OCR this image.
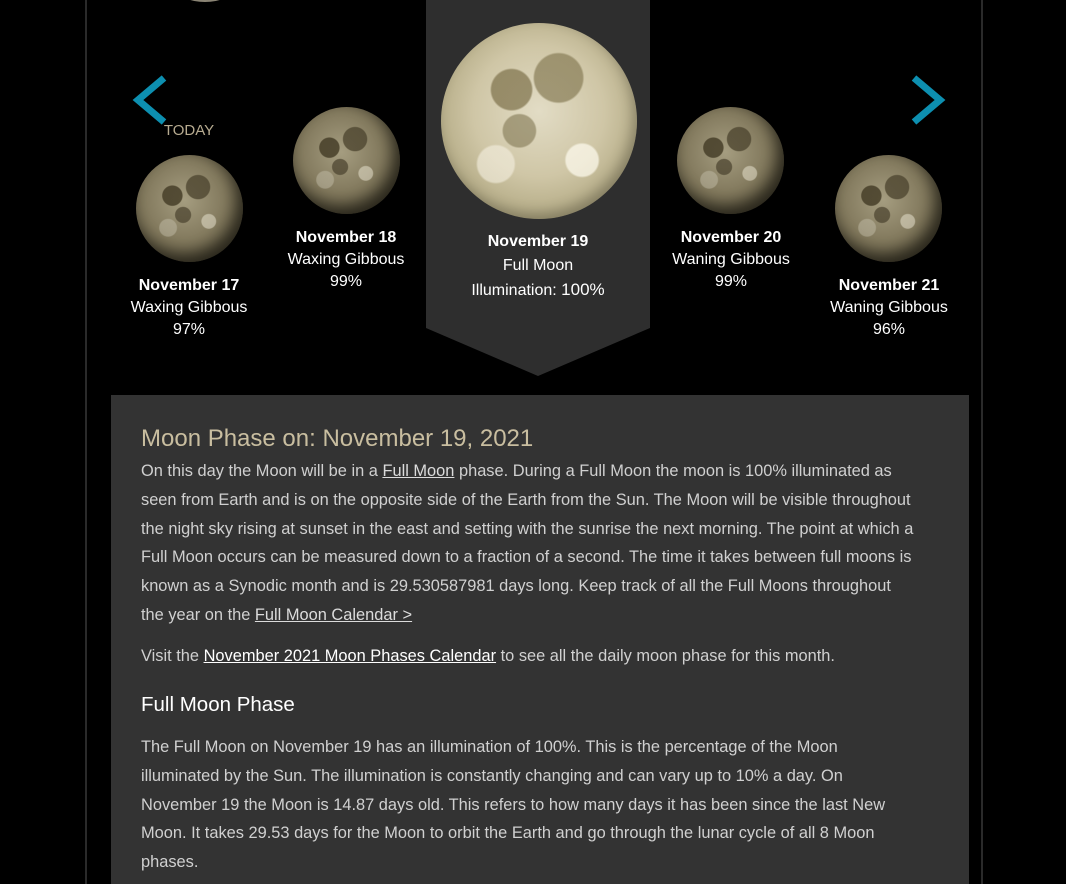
TODAY
November 17
Waxing Gibbous
97%
November 18
Waxing Gibbous
99%
November 19
Full Moon
Illumination: 100%
November 20
Waning Gibbous
99%	November 21
Waning Gibbous
96%
Moon Phase on: November 19, 2021

On this day the Moon will be in a Full Moon phase. During a Full Moon the moon is 100% illuminated as seen from Earth and is on the opposite side of the Earth from the Sun. The Moon will be visible throughout the night sky rising at sunset in the east and setting with the sunrise the next morning. The point at which a Full Moon occurs can be measured down to a fraction of a second. The time it takes between full moons is known as a Synodic month and is 29.530587981 days long. Keep track of all the Full Moons throughout the year on the Full Moon Calendar >

Visit the November 2021 Moon Phases Calendar to see all the daily moon phase for this month.

Full Moon Phase

The Full Moon on November 19 has an illumination of 100%. This is the percentage of the Moon illuminated by the Sun. The illumination is constantly changing and can vary up to 10% a day. On November 19 the Moon is 14.87 days old. This refers to how many days it has been since the last New Moon. It takes 29.53 days for the Moon to orbit the Earth and go through the lunar cycle of all 8 Moon phases.
